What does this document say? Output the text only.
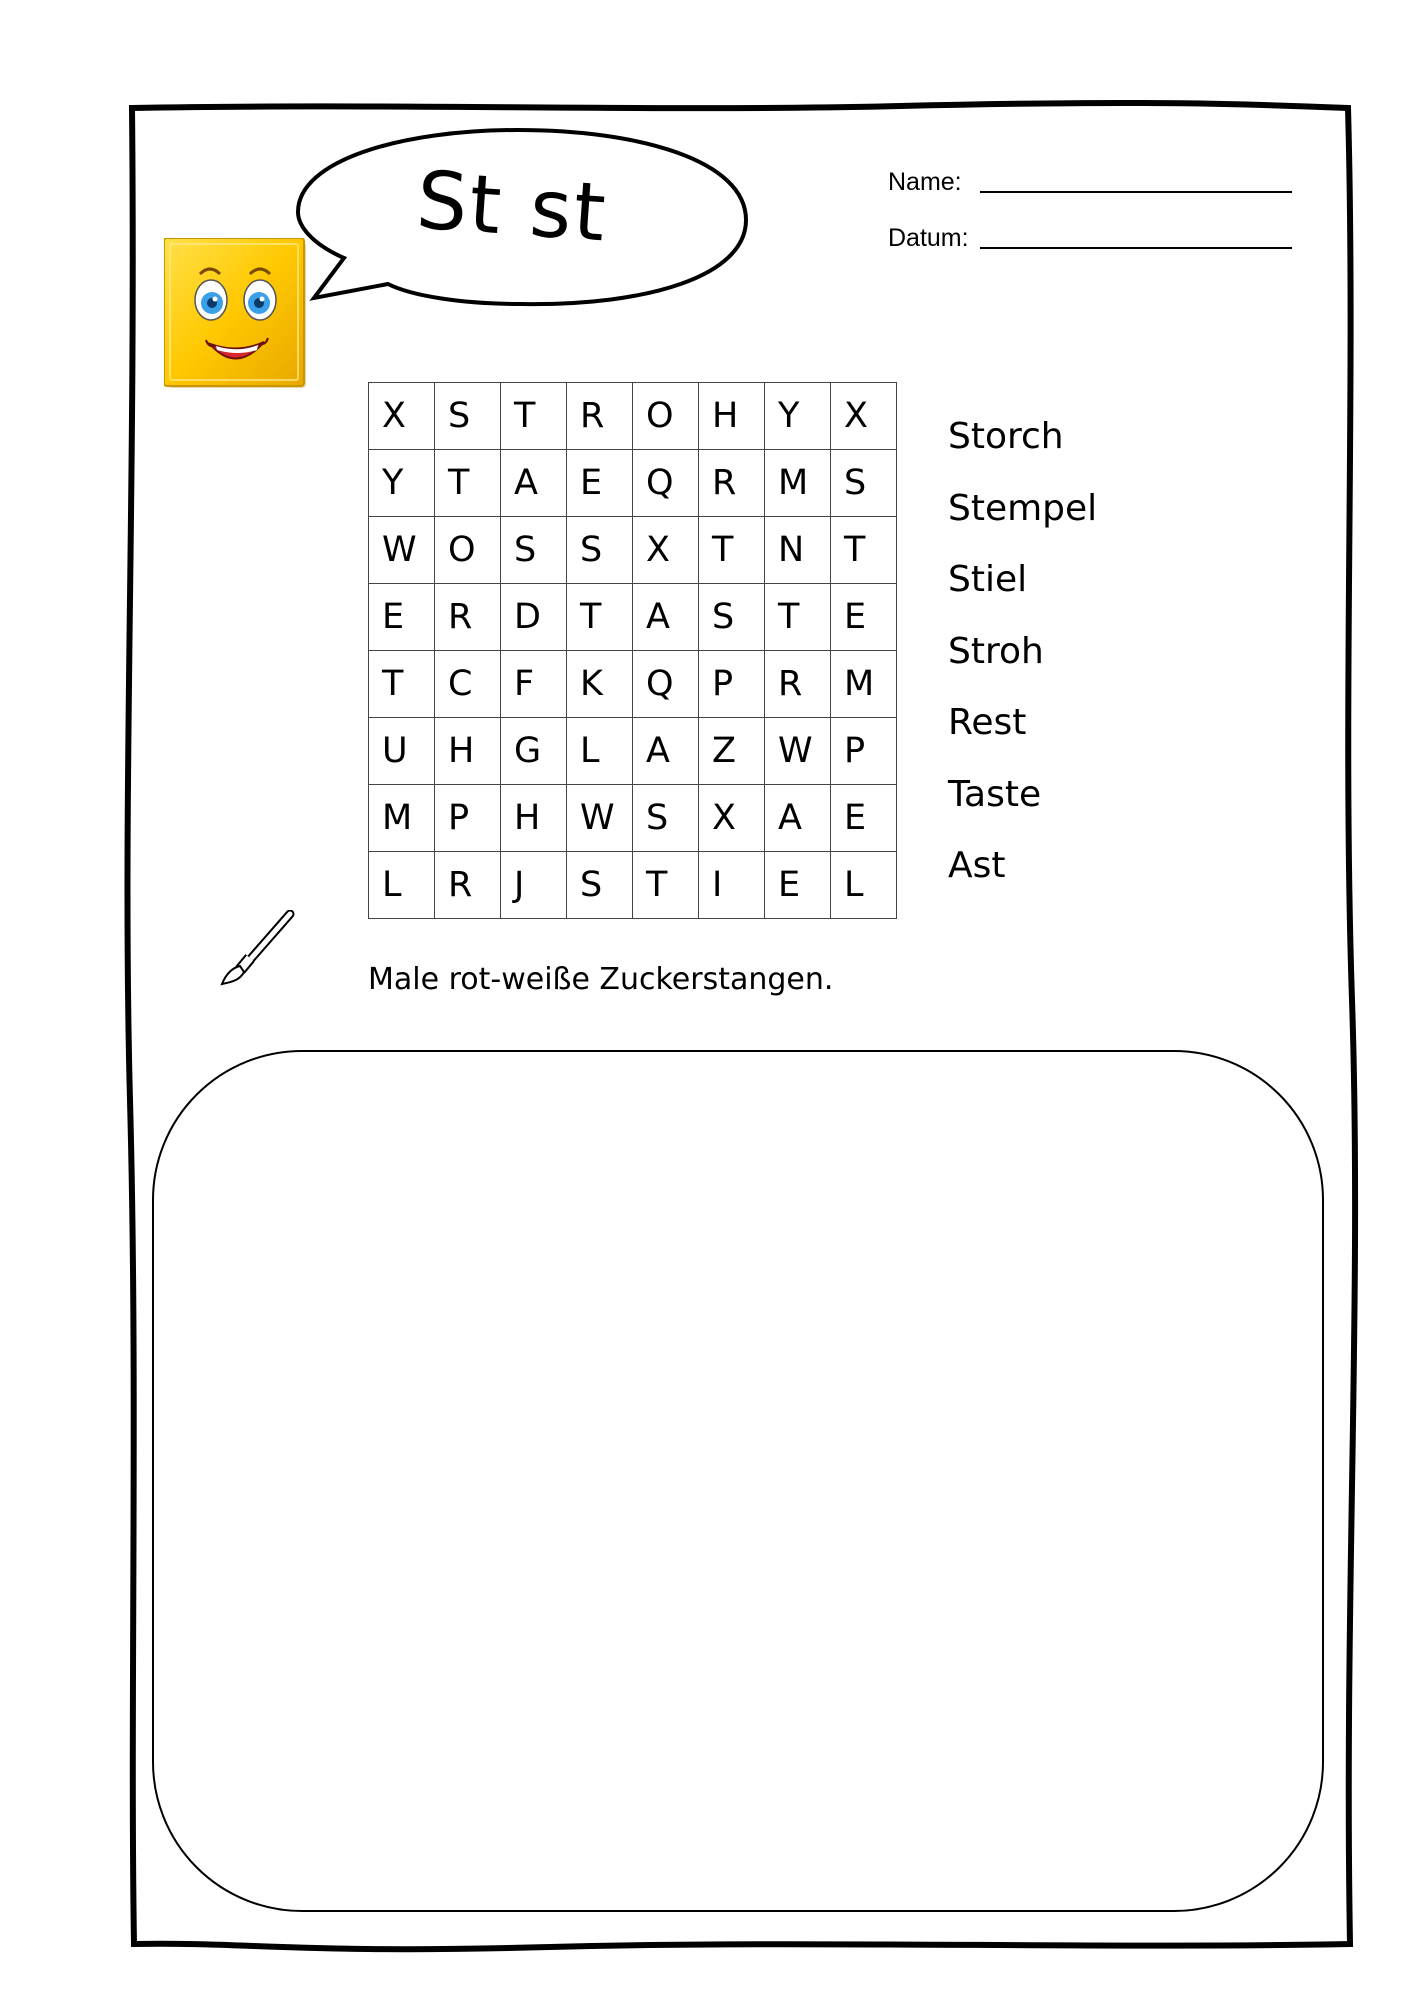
St st	Name:
Datum:
X	S	T	R	O	H	Y	X
Y	T	A	E	Q	R	M	S
W	O	S	S	X	T	N	T
E	R	D	T	A	S	T	E
T	C	F	K	Q	P	R	M
U	H	G	L	A	Z	W	P
M	P	H	W	S	X	A	E
L	R	J	S	T	I	E	L
Storch
Stempel
Stiel
Stroh
Rest
Taste
Ast
Male rot-weiße Zuckerstangen.
